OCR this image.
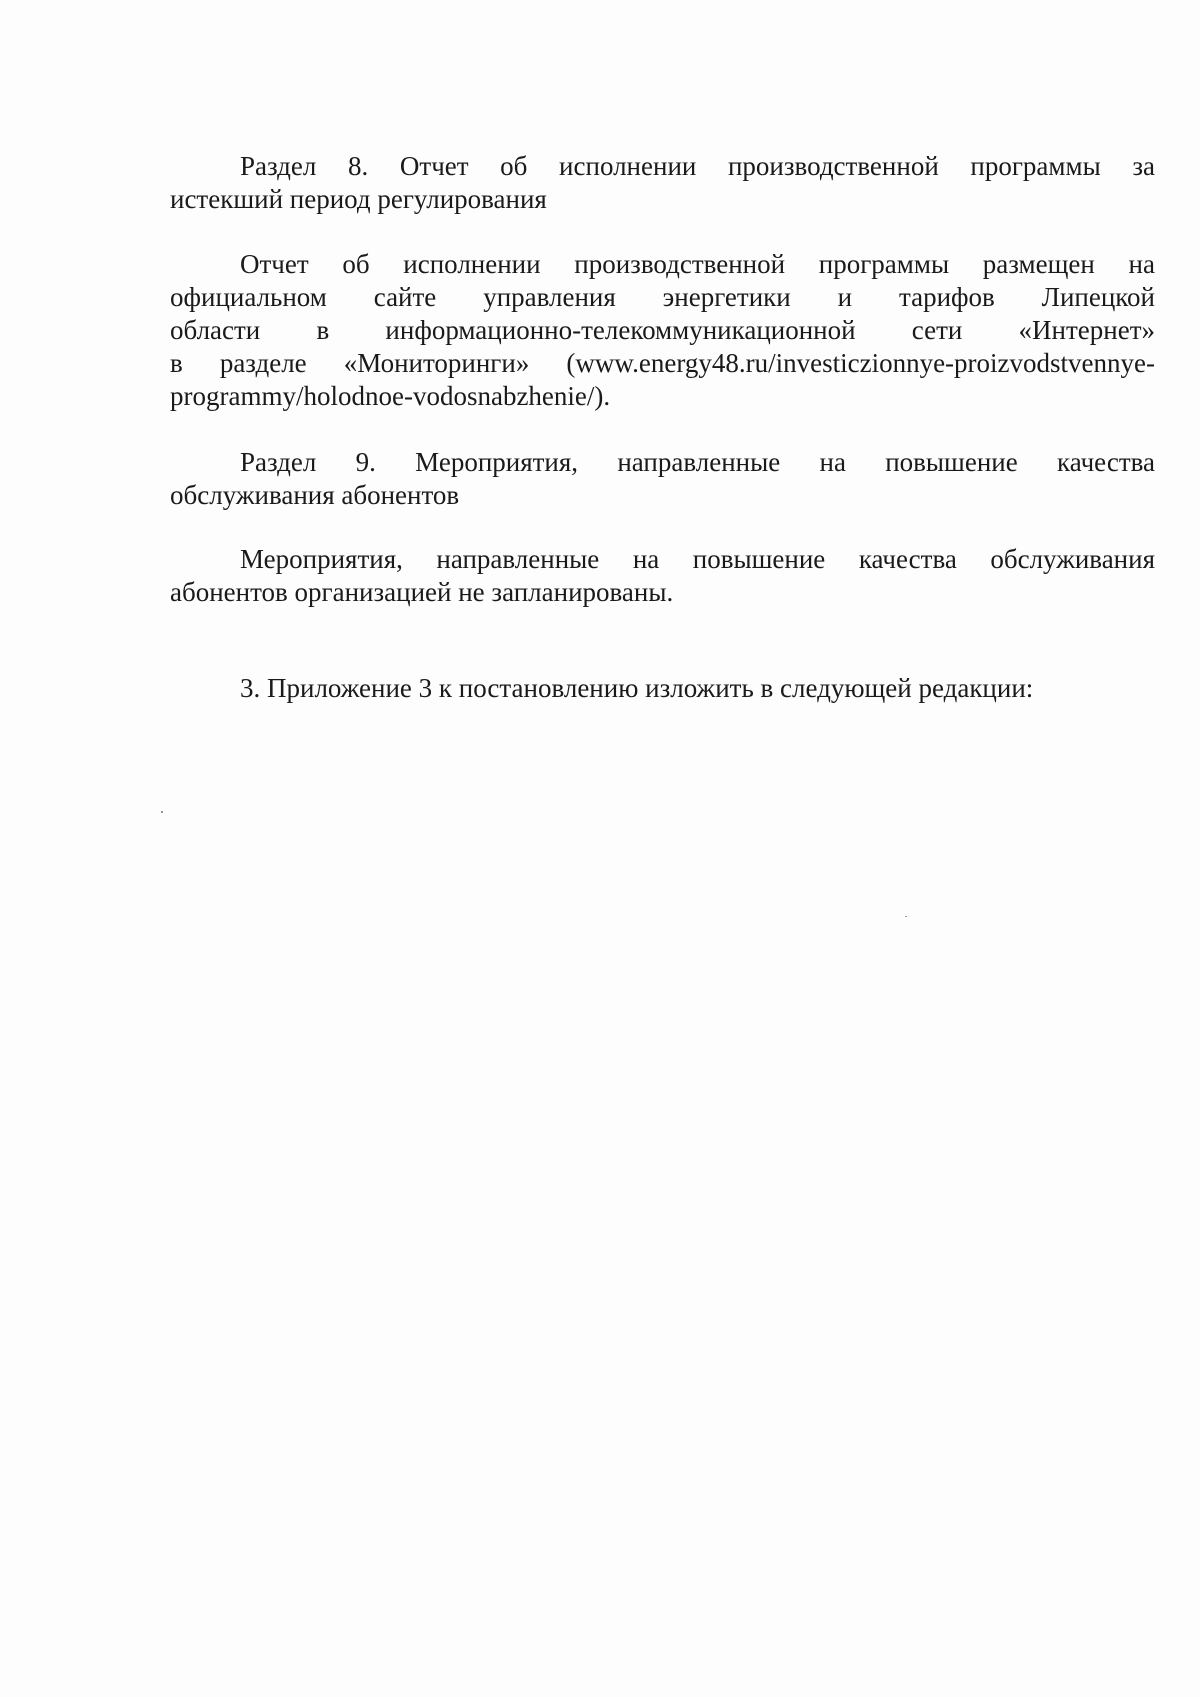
Раздел 8. Отчет об исполнении производственной программы за
истекший период регулирования
Отчет об исполнении производственной программы размещен на
официальном сайте управления энергетики и тарифов Липецкой
области в информационно-телекоммуникационной сети «Интернет»
в разделе «Мониторинги» (www.energy48.ru/investiczionnye-proizvodstvennye-
programmy/holodnoe-vodosnabzhenie/).
Раздел 9. Мероприятия, направленные на повышение качества
обслуживания абонентов
Мероприятия, направленные на повышение качества обслуживания
абонентов организацией не запланированы.
3. Приложение 3 к постановлению изложить в следующей редакции:
